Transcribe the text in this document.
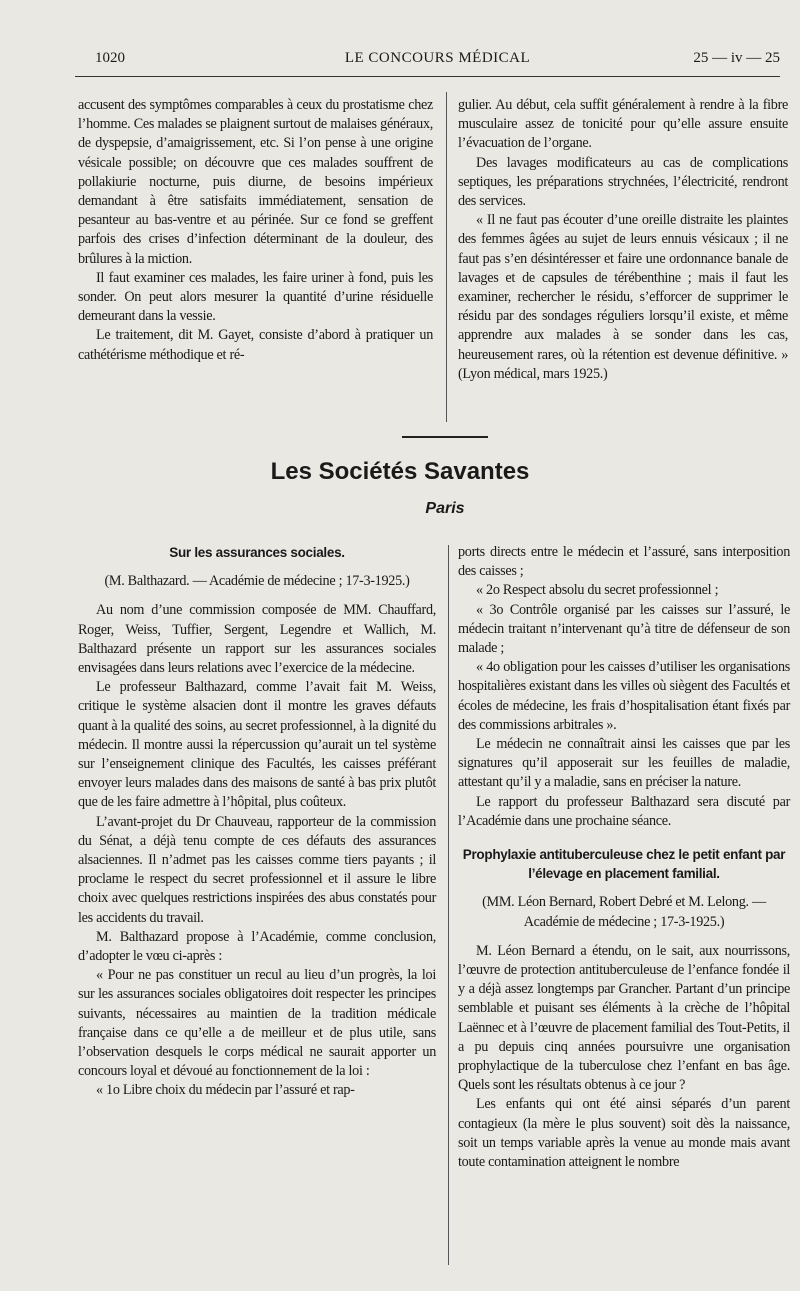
1020	LE CONCOURS MÉDICAL	25 — iv — 25

accusent des symptômes comparables à ceux du prostatisme chez l’homme. Ces malades se plaignent surtout de malaises généraux, de dyspepsie, d’amaigrissement, etc. Si l’on pense à une origine vésicale possible; on découvre que ces malades souffrent de pollakiurie nocturne, puis diurne, de besoins impérieux demandant à être satisfaits immédiatement, sensation de pesanteur au bas-ventre et au périnée. Sur ce fond se greffent parfois des crises d’infection déterminant de la douleur, des brûlures à la miction.

Il faut examiner ces malades, les faire uriner à fond, puis les sonder. On peut alors mesurer la quantité d’urine résiduelle demeurant dans la vessie.

Le traitement, dit M. Gayet, consiste d’abord à pratiquer un cathétérisme méthodique et ré-

gulier. Au début, cela suffit généralement à rendre à la fibre musculaire assez de tonicité pour qu’elle assure ensuite l’évacuation de l’organe.

Des lavages modificateurs au cas de complications septiques, les préparations strychnées, l’électricité, rendront des services.

« Il ne faut pas écouter d’une oreille distraite les plaintes des femmes âgées au sujet de leurs ennuis vésicaux ; il ne faut pas s’en désintéresser et faire une ordonnance banale de lavages et de capsules de térébenthine ; mais il faut les examiner, rechercher le résidu, s’efforcer de supprimer le résidu par des sondages réguliers lorsqu’il existe, et même apprendre aux malades à se sonder dans les cas, heureusement rares, où la rétention est devenue définitive. » (Lyon médical, mars 1925.)

Les Sociétés Savantes
Paris

Sur les assurances sociales.

(M. Balthazard. — Académie de médecine ; 17-3-1925.)

Au nom d’une commission composée de MM. Chauffard, Roger, Weiss, Tuffier, Sergent, Legendre et Wallich, M. Balthazard présente un rapport sur les assurances sociales envisagées dans leurs relations avec l’exercice de la médecine.

Le professeur Balthazard, comme l’avait fait M. Weiss, critique le système alsacien dont il montre les graves défauts quant à la qualité des soins, au secret professionnel, à la dignité du médecin. Il montre aussi la répercussion qu’aurait un tel système sur l’enseignement clinique des Facultés, les caisses préférant envoyer leurs malades dans des maisons de santé à bas prix plutôt que de les faire admettre à l’hôpital, plus coûteux.

L’avant-projet du Dr Chauveau, rapporteur de la commission du Sénat, a déjà tenu compte de ces défauts des assurances alsaciennes. Il n’admet pas les caisses comme tiers payants ; il proclame le respect du secret professionnel et il assure le libre choix avec quelques restrictions inspirées des abus constatés pour les accidents du travail.

M. Balthazard propose à l’Académie, comme conclusion, d’adopter le vœu ci-après :

« Pour ne pas constituer un recul au lieu d’un progrès, la loi sur les assurances sociales obligatoires doit respecter les principes suivants, nécessaires au maintien de la tradition médicale française dans ce qu’elle a de meilleur et de plus utile, sans l’observation desquels le corps médical ne saurait apporter un concours loyal et dévoué au fonctionnement de la loi :

« 1o Libre choix du médecin par l’assuré et rap-

ports directs entre le médecin et l’assuré, sans interposition des caisses ;

« 2o Respect absolu du secret professionnel ;

« 3o Contrôle organisé par les caisses sur l’assuré, le médecin traitant n’intervenant qu’à titre de défenseur de son malade ;

« 4o obligation pour les caisses d’utiliser les organisations hospitalières existant dans les villes où siègent des Facultés et écoles de médecine, les frais d’hospitalisation étant fixés par des commissions arbitrales ».

Le médecin ne connaîtrait ainsi les caisses que par les signatures qu’il apposerait sur les feuilles de maladie, attestant qu’il y a maladie, sans en préciser la nature.

Le rapport du professeur Balthazard sera discuté par l’Académie dans une prochaine séance.

Prophylaxie antituberculeuse chez le petit enfant par l’élevage en placement familial.

(MM. Léon Bernard, Robert Debré et M. Lelong. — Académie de médecine ; 17-3-1925.)

M. Léon Bernard a étendu, on le sait, aux nourrissons, l’œuvre de protection antituberculeuse de l’enfance fondée il y a déjà assez longtemps par Grancher. Partant d’un principe semblable et puisant ses éléments à la crèche de l’hôpital Laënnec et à l’œuvre de placement familial des Tout-Petits, il a pu depuis cinq années poursuivre une organisation prophylactique de la tuberculose chez l’enfant en bas âge. Quels sont les résultats obtenus à ce jour ?

Les enfants qui ont été ainsi séparés d’un parent contagieux (la mère le plus souvent) soit dès la naissance, soit un temps variable après la venue au monde mais avant toute contamination atteignent le nombre
